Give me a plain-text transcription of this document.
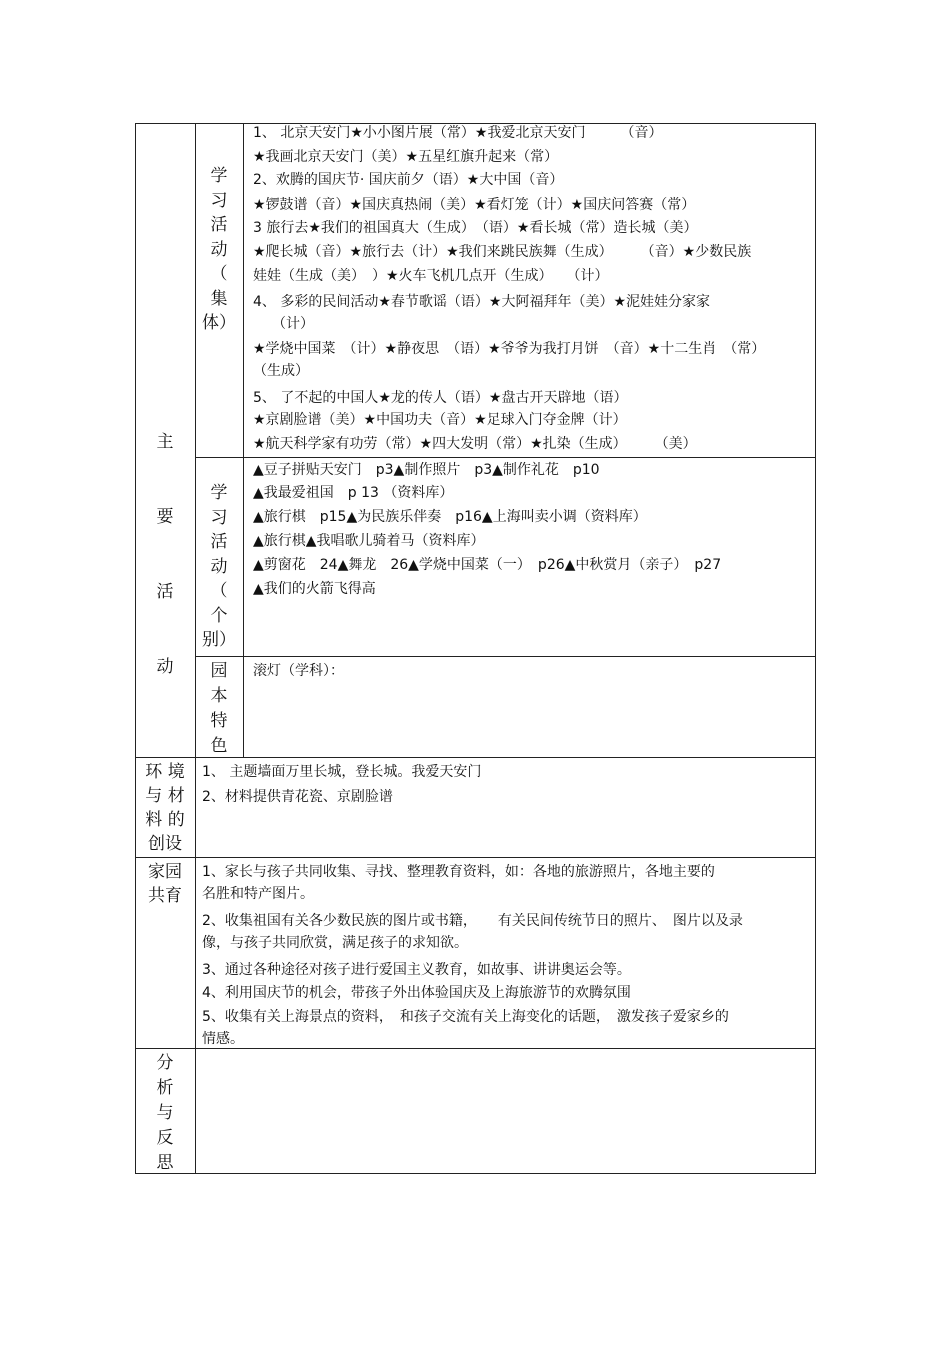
主
要
活
动
学
习
活
动
（
集
体）
1、 北京天安门★小小图片展（常）★我爱北京天安门　　　（音）
★我画北京天安门（美）★五星红旗升起来（常）
2、欢腾的国庆节· 国庆前夕（语）★大中国（音）
★锣鼓谱（音）★国庆真热闹（美）★看灯笼（计）★国庆问答赛（常）
3 旅行去★我们的祖国真大（生成）　（语）★看长城（常）造长城（美）
★爬长城（音）★旅行去（计）★我们来跳民族舞（生成）　　　（音）★少数民族
娃娃（生成（美）　）★火车飞机几点开（生成）　　（计）
4、 多彩的民间活动★春节歌谣（语）★大阿福拜年（美）★泥娃娃分家家
　（计）
★学烧中国菜　（计）★静夜思　（语）★爷爷为我打月饼　（音）★十二生肖　（常）
（生成）
5、 了不起的中国人★龙的传人（语）★盘古开天辟地（语）
★京剧脸谱（美）★中国功夫（音）★足球入门夺金牌（计）
★航天科学家有功劳（常）★四大发明（常）★扎染（生成）　　　（美）
学
习
活
动
（
个
别）
▲豆子拼贴天安门　p3▲制作照片　p3▲制作礼花　p10
▲我最爱祖国　p 13 （资料库）
▲旅行棋　p15▲为民族乐伴奏　p16▲上海叫卖小调（资料库）
▲旅行棋▲我唱歌儿骑着马（资料库）
▲剪窗花　24▲舞龙　26▲学烧中国菜（一）　p26▲中秋赏月（亲子）　p27
▲我们的火箭飞得高
园
本
特
色
滚灯（学科）：
环 境
与 材
料 的
创设
1、 主题墙面万里长城，登长城。我爱天安门
2、材料提供青花瓷、京剧脸谱
家园
共育
1、家长与孩子共同收集、寻找、整理教育资料，如：各地的旅游照片，各地主要的
名胜和特产图片。
2、收集祖国有关各少数民族的图片或书籍，　　有关民间传统节日的照片、　图片以及录
像，与孩子共同欣赏，满足孩子的求知欲。
3、通过各种途径对孩子进行爱国主义教育，如故事、讲讲奥运会等。
4、利用国庆节的机会，带孩子外出体验国庆及上海旅游节的欢腾氛围
5、收集有关上海景点的资料，　和孩子交流有关上海变化的话题，　激发孩子爱家乡的
情感。
分
析
与
反
思
